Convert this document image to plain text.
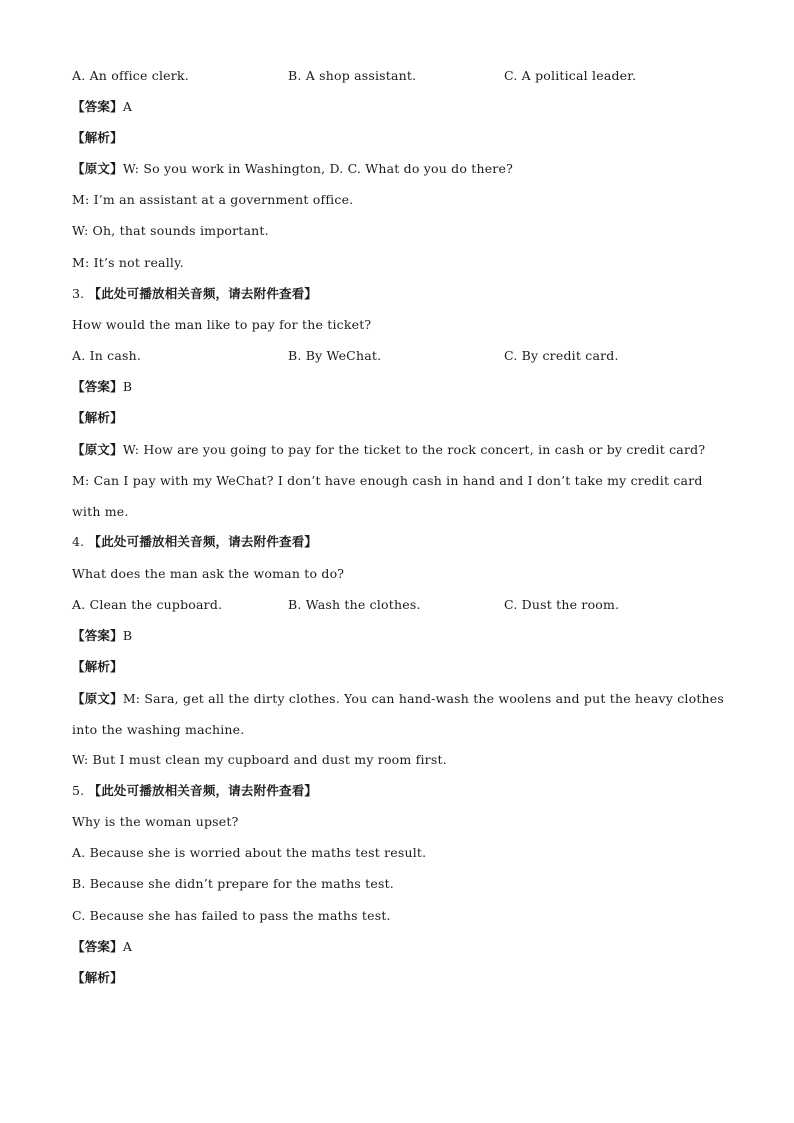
A. An office clerk.	B. A shop assistant.	C. A political leader.
【答案】A
【解析】
【原文】W: So you work in Washington, D. C. What do you do there?
M: I’m an assistant at a government office.
W: Oh, that sounds important.
M: It’s not really.
3. 【此处可播放相关音频，请去附件查看】
How would the man like to pay for the ticket?
A. In cash.	B. By WeChat.	C. By credit card.
【答案】B
【解析】
【原文】W: How are you going to pay for the ticket to the rock concert, in cash or by credit card?
M: Can I pay with my WeChat? I don’t have enough cash in hand and I don’t take my credit card with me.
4. 【此处可播放相关音频，请去附件查看】
What does the man ask the woman to do?
A. Clean the cupboard.	B. Wash the clothes.	C. Dust the room.
【答案】B
【解析】
【原文】M: Sara, get all the dirty clothes. You can hand-wash the woolens and put the heavy clothes into the washing machine.
W: But I must clean my cupboard and dust my room first.
5. 【此处可播放相关音频，请去附件查看】
Why is the woman upset?
A. Because she is worried about the maths test result.
B. Because she didn’t prepare for the maths test.
C. Because she has failed to pass the maths test.
【答案】A
【解析】
